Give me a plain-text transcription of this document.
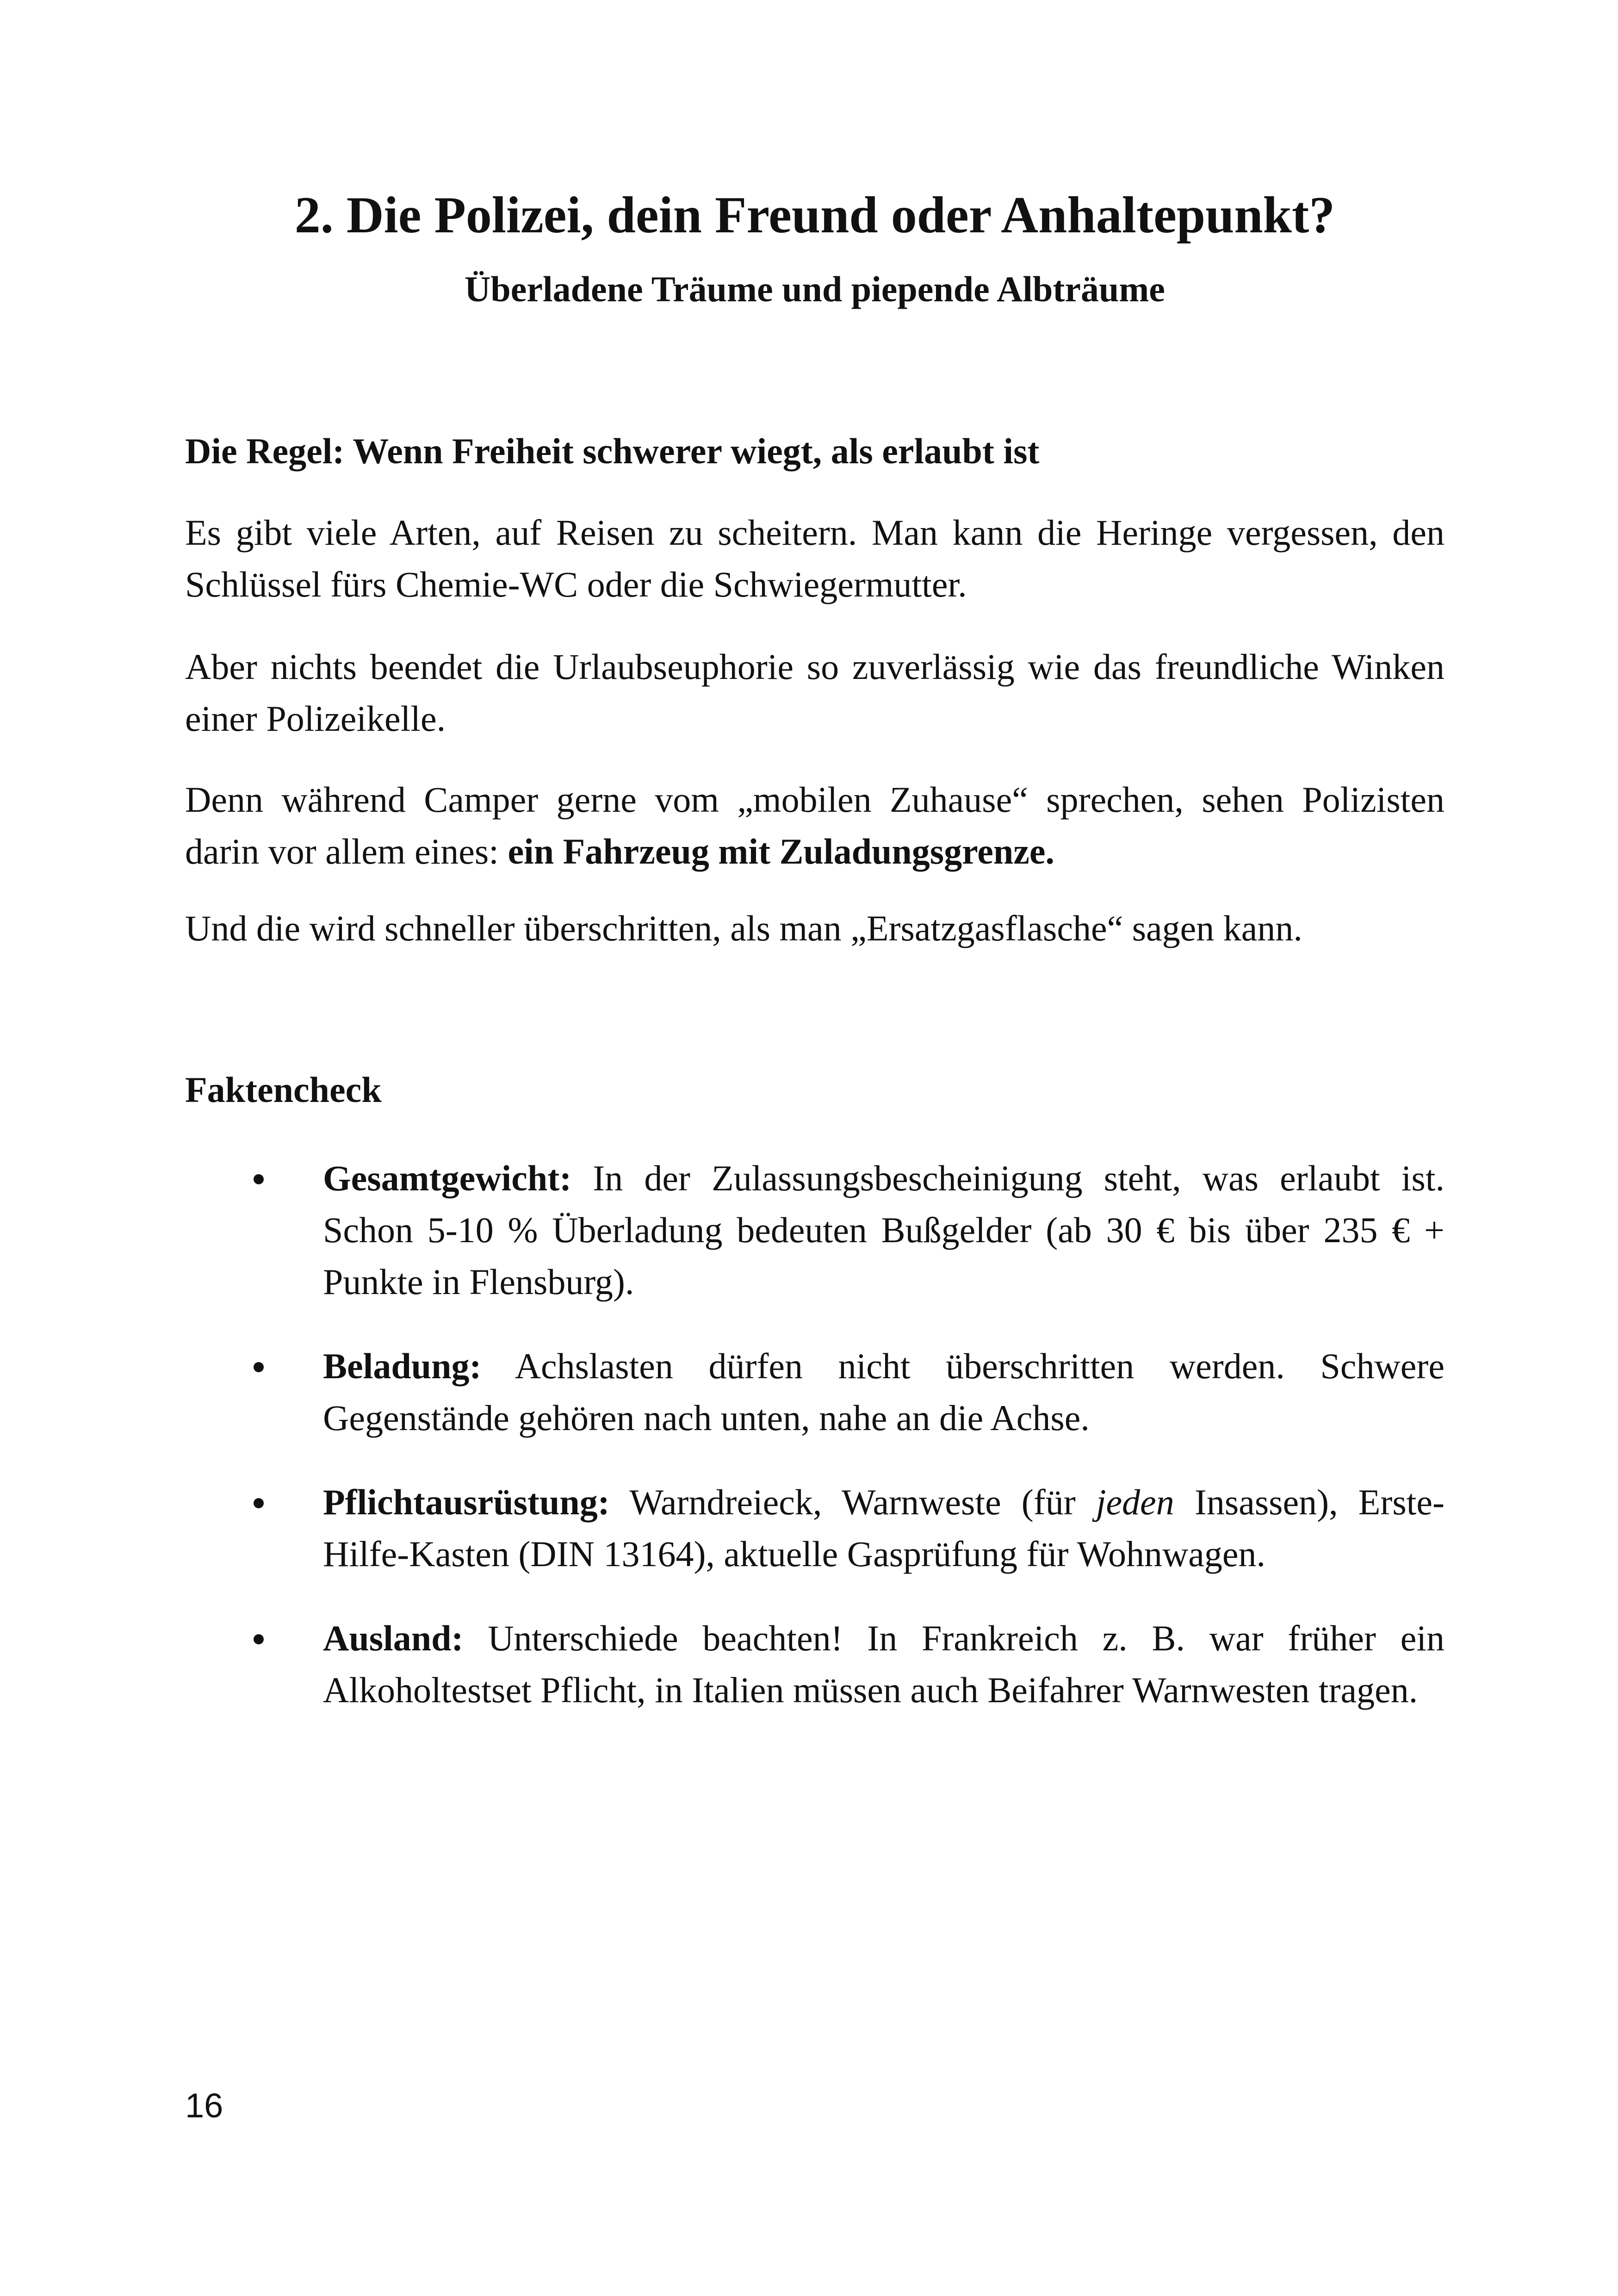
2. Die Polizei, dein Freund oder Anhaltepunkt?
Überladene Träume und piepende Albträume
Die Regel: Wenn Freiheit schwerer wiegt, als erlaubt ist

Es gibt viele Arten, auf Reisen zu scheitern. Man kann die Heringe vergessen, den Schlüssel fürs Chemie-WC oder die Schwiegermutter.

Aber nichts beendet die Urlaubseuphorie so zuverlässig wie das freundliche Winken einer Polizeikelle.

Denn während Camper gerne vom „mobilen Zuhause“ sprechen, sehen Polizisten darin vor allem eines: ein Fahrzeug mit Zuladungsgrenze.

Und die wird schneller überschritten, als man „Ersatzgasflasche“ sagen kann.

Faktencheck
Gesamtgewicht: In der Zulassungsbescheinigung steht, was erlaubt ist. Schon 5-10 % Überladung bedeuten Bußgelder (ab 30 € bis über 235 € + Punkte in Flensburg).
Beladung: Achslasten dürfen nicht überschritten werden. Schwere Gegenstände gehören nach unten, nahe an die Achse.
Pflichtausrüstung: Warndreieck, Warnweste (für jeden Insassen), Erste-Hilfe-Kasten (DIN 13164), aktuelle Gasprüfung für Wohnwagen.
Ausland: Unterschiede beachten! In Frankreich z. B. war früher ein Alkoholtestset Pflicht, in Italien müssen auch Beifahrer Warnwesten tragen.
16
